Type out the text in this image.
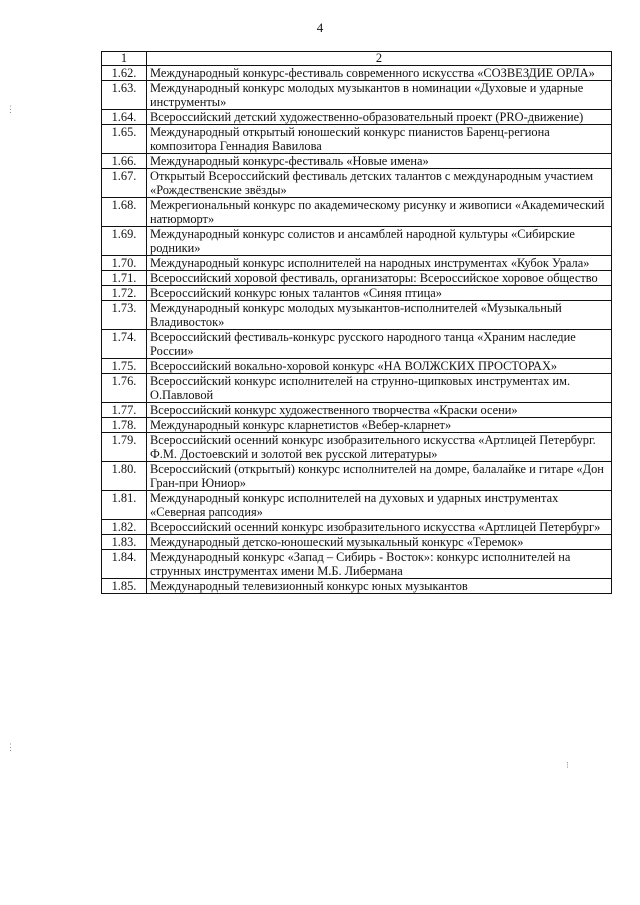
4
1	2
1.62.	Международный конкурс-фестиваль современного искусства «СОЗВЕЗДИЕ ОРЛА»
1.63.	Международный конкурс молодых музыкантов в номинации «Духовые и ударные инструменты»
1.64.	Всероссийский детский художественно-образовательный проект (PRO-движение)
1.65.	Международный открытый юношеский конкурс пианистов Баренц-региона композитора Геннадия Вавилова
1.66.	Международный конкурс-фестиваль «Новые имена»
1.67.	Открытый Всероссийский фестиваль детских талантов с международным участием «Рождественские звёзды»
1.68.	Межрегиональный конкурс по академическому рисунку и живописи «Академический натюрморт»
1.69.	Международный конкурс солистов и ансамблей народной культуры «Сибирские родники»
1.70.	Международный конкурс исполнителей на народных инструментах «Кубок Урала»
1.71.	Всероссийский хоровой фестиваль, организаторы: Всероссийское хоровое общество
1.72.	Всероссийский конкурс юных талантов «Синяя птица»
1.73.	Международный конкурс молодых музыкантов-исполнителей «Музыкальный Владивосток»
1.74.	Всероссийский фестиваль-конкурс русского народного танца «Храним наследие России»
1.75.	Всероссийский вокально-хоровой конкурс «НА ВОЛЖСКИХ ПРОСТОРАХ»
1.76.	Всероссийский конкурс исполнителей на струнно-щипковых инструментах им. О.Павловой
1.77.	Всероссийский конкурс художественного творчества «Краски осени»
1.78.	Международный конкурс кларнетистов «Вебер-кларнет»
1.79.	Всероссийский осенний конкурс изобразительного искусства «Артлицей Петербург. Ф.М. Достоевский и золотой век русской литературы»
1.80.	Всероссийский (открытый) конкурс исполнителей на домре, балалайке и гитаре «Дон Гран-при Юниор»
1.81.	Международный конкурс исполнителей на духовых и ударных инструментах «Северная рапсодия»
1.82.	Всероссийский осенний конкурс изобразительного искусства «Артлицей Петербург»
1.83.	Международный детско-юношеский музыкальный конкурс «Теремок»
1.84.	Международный конкурс «Запад – Сибирь - Восток»: конкурс исполнителей на струнных инструментах имени М.Б. Либермана
1.85.	Международный телевизионный конкурс юных музыкантов
⋮
⋮
⁝
